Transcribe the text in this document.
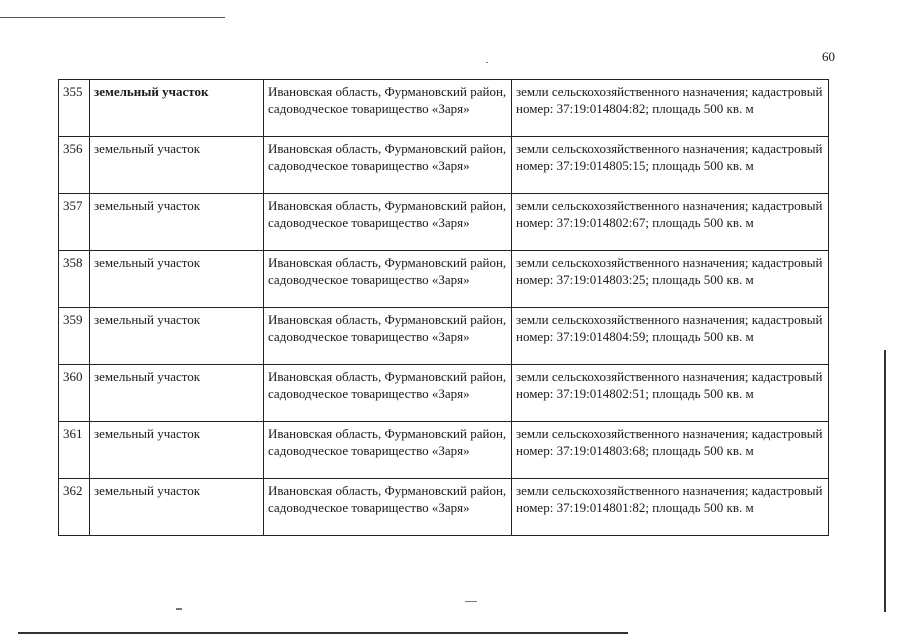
60
355	земельный участок	Ивановская область, Фурмановский район, садоводческое товарищество «Заря»	земли сельскохозяйственного назначения; кадастровый номер: 37:19:014804:82; площадь 500 кв. м
356	земельный участок	Ивановская область, Фурмановский район, садоводческое товарищество «Заря»	земли сельскохозяйственного назначения; кадастровый номер: 37:19:014805:15; площадь 500 кв. м
357	земельный участок	Ивановская область, Фурмановский район, садоводческое товарищество «Заря»	земли сельскохозяйственного назначения; кадастровый номер: 37:19:014802:67; площадь 500 кв. м
358	земельный участок	Ивановская область, Фурмановский район, садоводческое товарищество «Заря»	земли сельскохозяйственного назначения; кадастровый номер: 37:19:014803:25; площадь 500 кв. м
359	земельный участок	Ивановская область, Фурмановский район, садоводческое товарищество «Заря»	земли сельскохозяйственного назначения; кадастровый номер: 37:19:014804:59; площадь 500 кв. м
360	земельный участок	Ивановская область, Фурмановский район, садоводческое товарищество «Заря»	земли сельскохозяйственного назначения; кадастровый номер: 37:19:014802:51; площадь 500 кв. м
361	земельный участок	Ивановская область, Фурмановский район, садоводческое товарищество «Заря»	земли сельскохозяйственного назначения; кадастровый номер: 37:19:014803:68; площадь 500 кв. м
362	земельный участок	Ивановская область, Фурмановский район, садоводческое товарищество «Заря»	земли сельскохозяйственного назначения; кадастровый номер: 37:19:014801:82; площадь 500 кв. м
